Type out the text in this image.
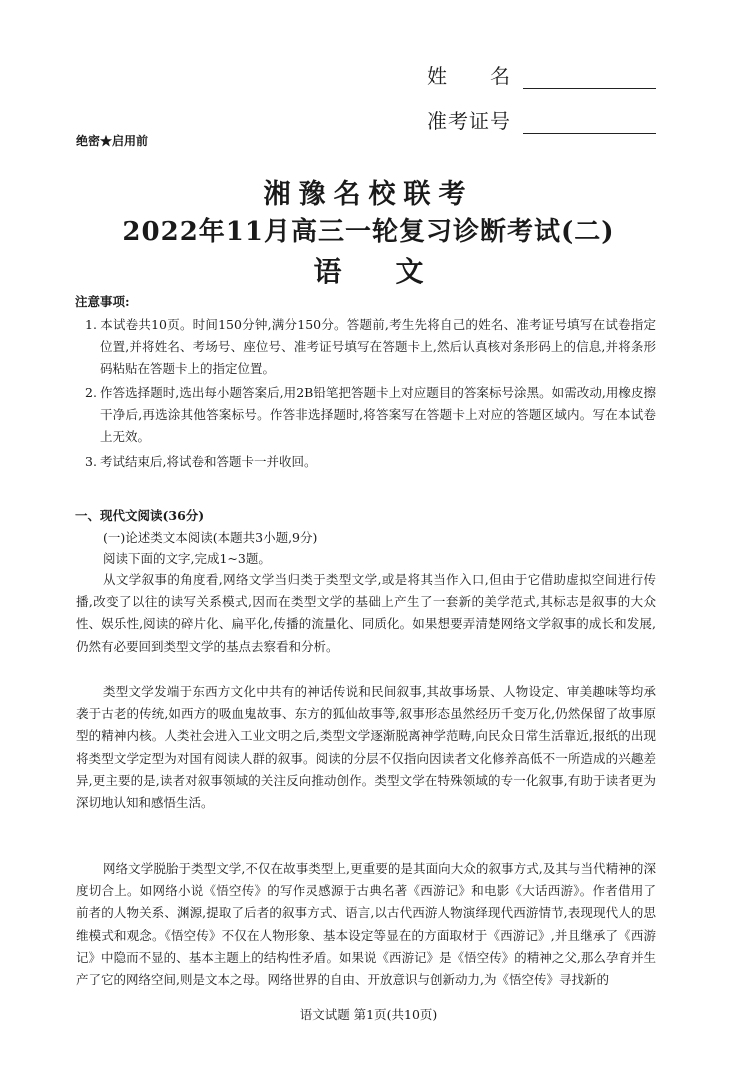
姓　　名
准考证号
绝密★启用前
湘豫名校联考
2022年11月高三一轮复习诊断考试(二)
语文
注意事项:
1. 本试卷共10页。时间150分钟,满分150分。答题前,考生先将自己的姓名、准考证号填写在试卷指定位置,并将姓名、考场号、座位号、准考证号填写在答题卡上,然后认真核对条形码上的信息,并将条形码粘贴在答题卡上的指定位置。
2. 作答选择题时,选出每小题答案后,用2B铅笔把答题卡上对应题目的答案标号涂黑。如需改动,用橡皮擦干净后,再选涂其他答案标号。作答非选择题时,将答案写在答题卡上对应的答题区域内。写在本试卷上无效。
3. 考试结束后,将试卷和答题卡一并收回。
一、现代文阅读(36分)
(一)论述类文本阅读(本题共3小题,9分)
阅读下面的文字,完成1~3题。

从文学叙事的角度看,网络文学当归类于类型文学,或是将其当作入口,但由于它借助虚拟空间进行传播,改变了以往的读写关系模式,因而在类型文学的基础上产生了一套新的美学范式,其标志是叙事的大众性、娱乐性,阅读的碎片化、扁平化,传播的流量化、同质化。如果想要弄清楚网络文学叙事的成长和发展,仍然有必要回到类型文学的基点去察看和分析。

类型文学发端于东西方文化中共有的神话传说和民间叙事,其故事场景、人物设定、审美趣味等均承袭于古老的传统,如西方的吸血鬼故事、东方的狐仙故事等,叙事形态虽然经历千变万化,仍然保留了故事原型的精神内核。人类社会进入工业文明之后,类型文学逐渐脱离神学范畴,向民众日常生活靠近,报纸的出现将类型文学定型为对国有阅读人群的叙事。阅读的分层不仅指向因读者文化修养高低不一所造成的兴趣差异,更主要的是,读者对叙事领域的关注反向推动创作。类型文学在特殊领域的专一化叙事,有助于读者更为深切地认知和感悟生活。

网络文学脱胎于类型文学,不仅在故事类型上,更重要的是其面向大众的叙事方式,及其与当代精神的深度切合上。如网络小说《悟空传》的写作灵感源于古典名著《西游记》和电影《大话西游》。作者借用了前者的人物关系、渊源,提取了后者的叙事方式、语言,以古代西游人物演绎现代西游情节,表现现代人的思维模式和观念。《悟空传》不仅在人物形象、基本设定等显在的方面取材于《西游记》,并且继承了《西游记》中隐而不显的、基本主题上的结构性矛盾。如果说《西游记》是《悟空传》的精神之父,那么孕育并生产了它的网络空间,则是文本之母。网络世界的自由、开放意识与创新动力,为《悟空传》寻找新的

语文试题 第1页(共10页)
